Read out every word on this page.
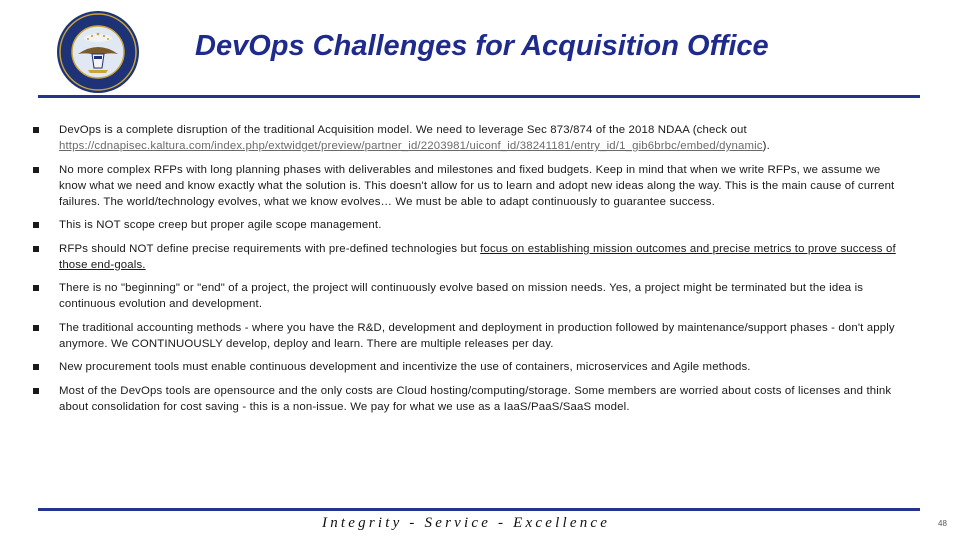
DevOps Challenges for Acquisition Office
DevOps is a complete disruption of the traditional Acquisition model. We need to leverage Sec 873/874 of the 2018 NDAA (check out https://cdnapisec.kaltura.com/index.php/extwidget/preview/partner_id/2203981/uiconf_id/38241181/entry_id/1_gib6brbc/embed/dynamic).
No more complex RFPs with long planning phases with deliverables and milestones and fixed budgets. Keep in mind that when we write RFPs, we assume we know what we need and know exactly what the solution is. This doesn't allow for us to learn and adopt new ideas along the way. This is the main cause of current failures. The world/technology evolves, what we know evolves… We must be able to adapt continuously to guarantee success.
This is NOT scope creep but proper agile scope management.
RFPs should NOT define precise requirements with pre-defined technologies but focus on establishing mission outcomes and precise metrics to prove success of those end-goals.
There is no "beginning" or "end" of a project, the project will continuously evolve based on mission needs. Yes, a project might be terminated but the idea is continuous evolution and development.
The traditional accounting methods - where you have the R&D, development and deployment in production followed by maintenance/support phases - don't apply anymore. We CONTINUOUSLY develop, deploy and learn. There are multiple releases per day.
New procurement tools must enable continuous development and incentivize the use of containers, microservices and Agile methods.
Most of the DevOps tools are opensource and the only costs are Cloud hosting/computing/storage. Some members are worried about costs of licenses and think about consolidation for cost saving - this is a non-issue. We pay for what we use as a IaaS/PaaS/SaaS model.
Integrity - Service - Excellence	48
